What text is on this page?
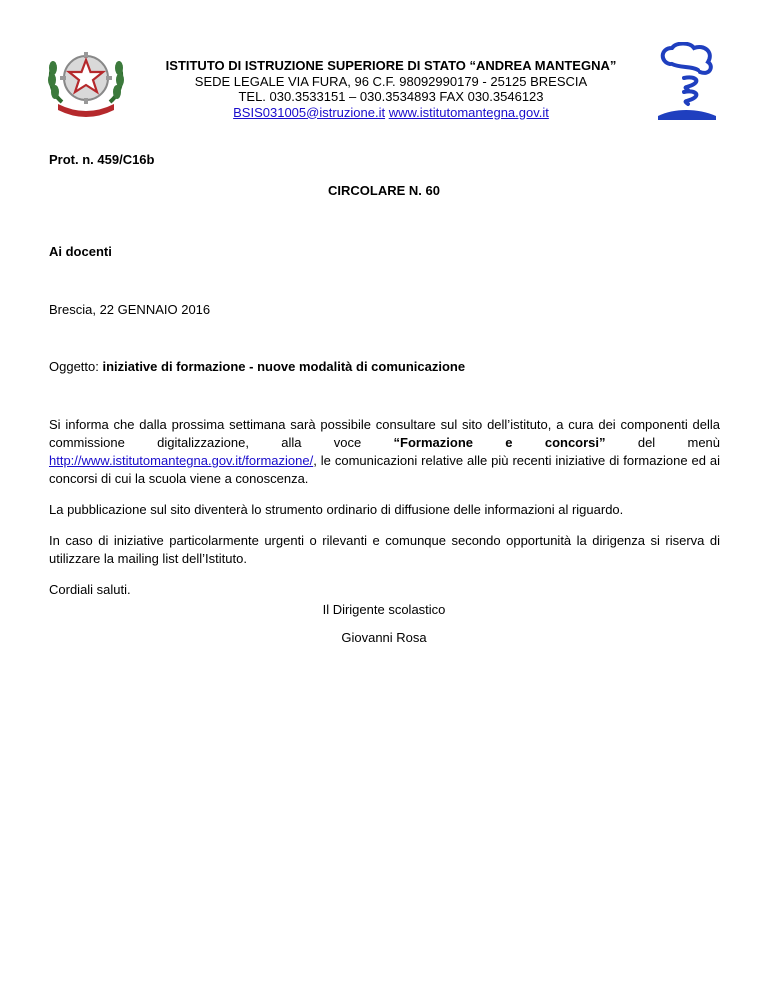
ISTITUTO DI ISTRUZIONE SUPERIORE DI STATO “ANDREA MANTEGNA”
SEDE LEGALE VIA FURA, 96 C.F. 98092990179 - 25125 BRESCIA
TEL. 030.3533151 – 030.3534893 FAX 030.3546123
BSIS031005@istruzione.it www.istitutomantegna.gov.it
Prot. n. 459/C16b
CIRCOLARE N. 60
Ai docenti
Brescia, 22 GENNAIO 2016
Oggetto: iniziative di formazione - nuove modalità di comunicazione

Si informa che dalla prossima settimana sarà possibile consultare sul sito dell’istituto, a cura dei componenti della commissione digitalizzazione, alla voce “Formazione e concorsi” del menù http://www.istitutomantegna.gov.it/formazione/, le comunicazioni relative alle più recenti iniziative di formazione ed ai concorsi di cui la scuola viene a conoscenza.

La pubblicazione sul sito diventerà lo strumento ordinario di diffusione delle informazioni al riguardo.

In caso di iniziative particolarmente urgenti o rilevanti e comunque secondo opportunità la dirigenza si riserva di utilizzare la mailing list dell’Istituto.

Cordiali saluti.

Il Dirigente scolastico
Giovanni Rosa
